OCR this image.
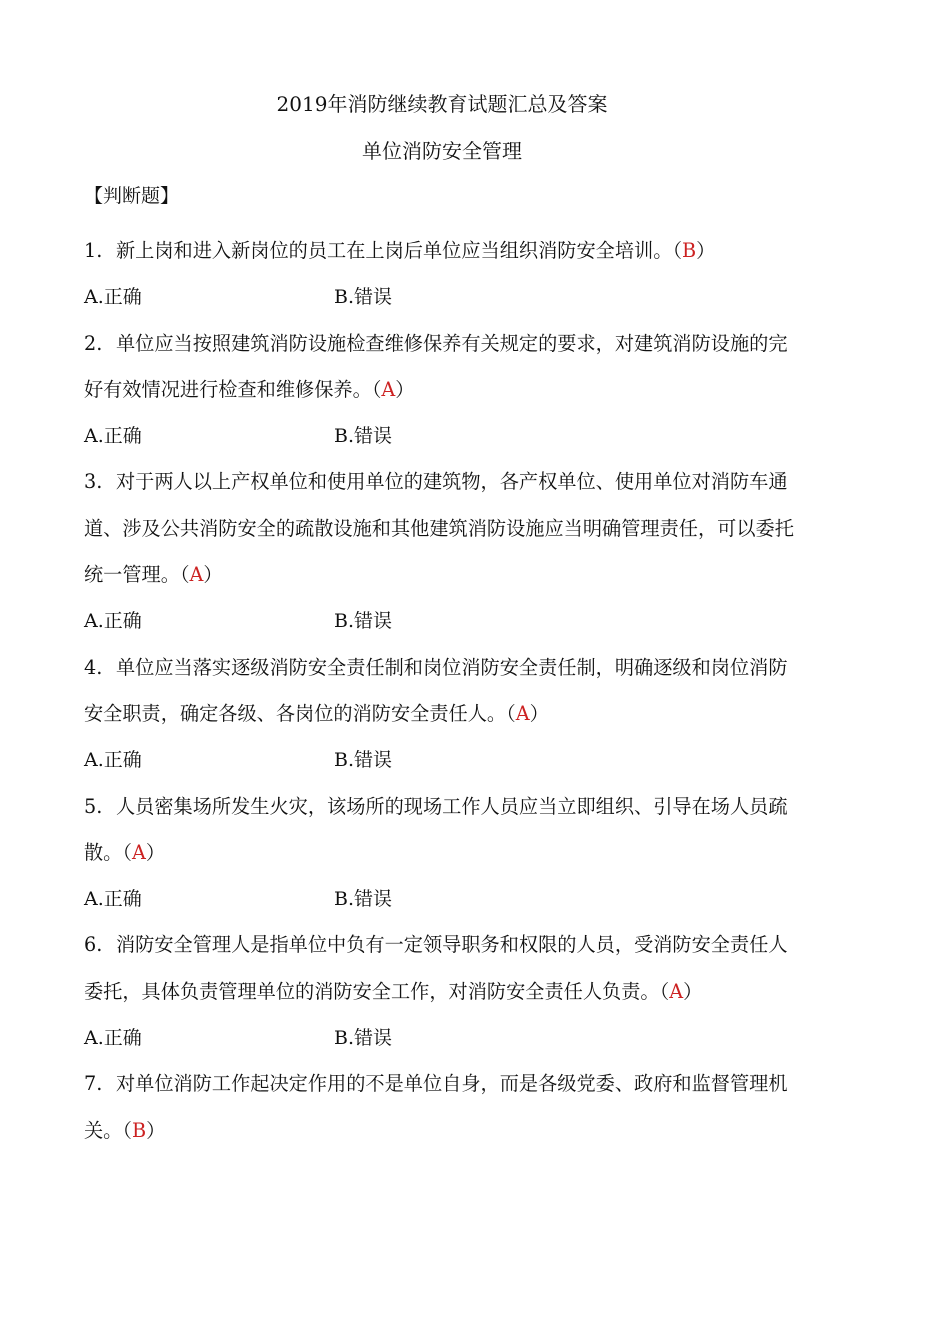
2019年消防继续教育试题汇总及答案
单位消防安全管理
【判断题】

1. 新上岗和进入新岗位的员工在上岗后单位应当组织消防安全培训。（B）

A.正确	B.错误

2. 单位应当按照建筑消防设施检查维修保养有关规定的要求，对建筑消防设施的完好有效情况进行检查和维修保养。（A）

A.正确	B.错误

3. 对于两人以上产权单位和使用单位的建筑物，各产权单位、使用单位对消防车通道、涉及公共消防安全的疏散设施和其他建筑消防设施应当明确管理责任，可以委托统一管理。（A）

A.正确	B.错误

4. 单位应当落实逐级消防安全责任制和岗位消防安全责任制，明确逐级和岗位消防安全职责，确定各级、各岗位的消防安全责任人。（A）

A.正确	B.错误

5. 人员密集场所发生火灾，该场所的现场工作人员应当立即组织、引导在场人员疏散。（A）

A.正确	B.错误

6. 消防安全管理人是指单位中负有一定领导职务和权限的人员，受消防安全责任人委托，具体负责管理单位的消防安全工作，对消防安全责任人负责。（A）

A.正确	B.错误

7. 对单位消防工作起决定作用的不是单位自身，而是各级党委、政府和监督管理机关。（B）
